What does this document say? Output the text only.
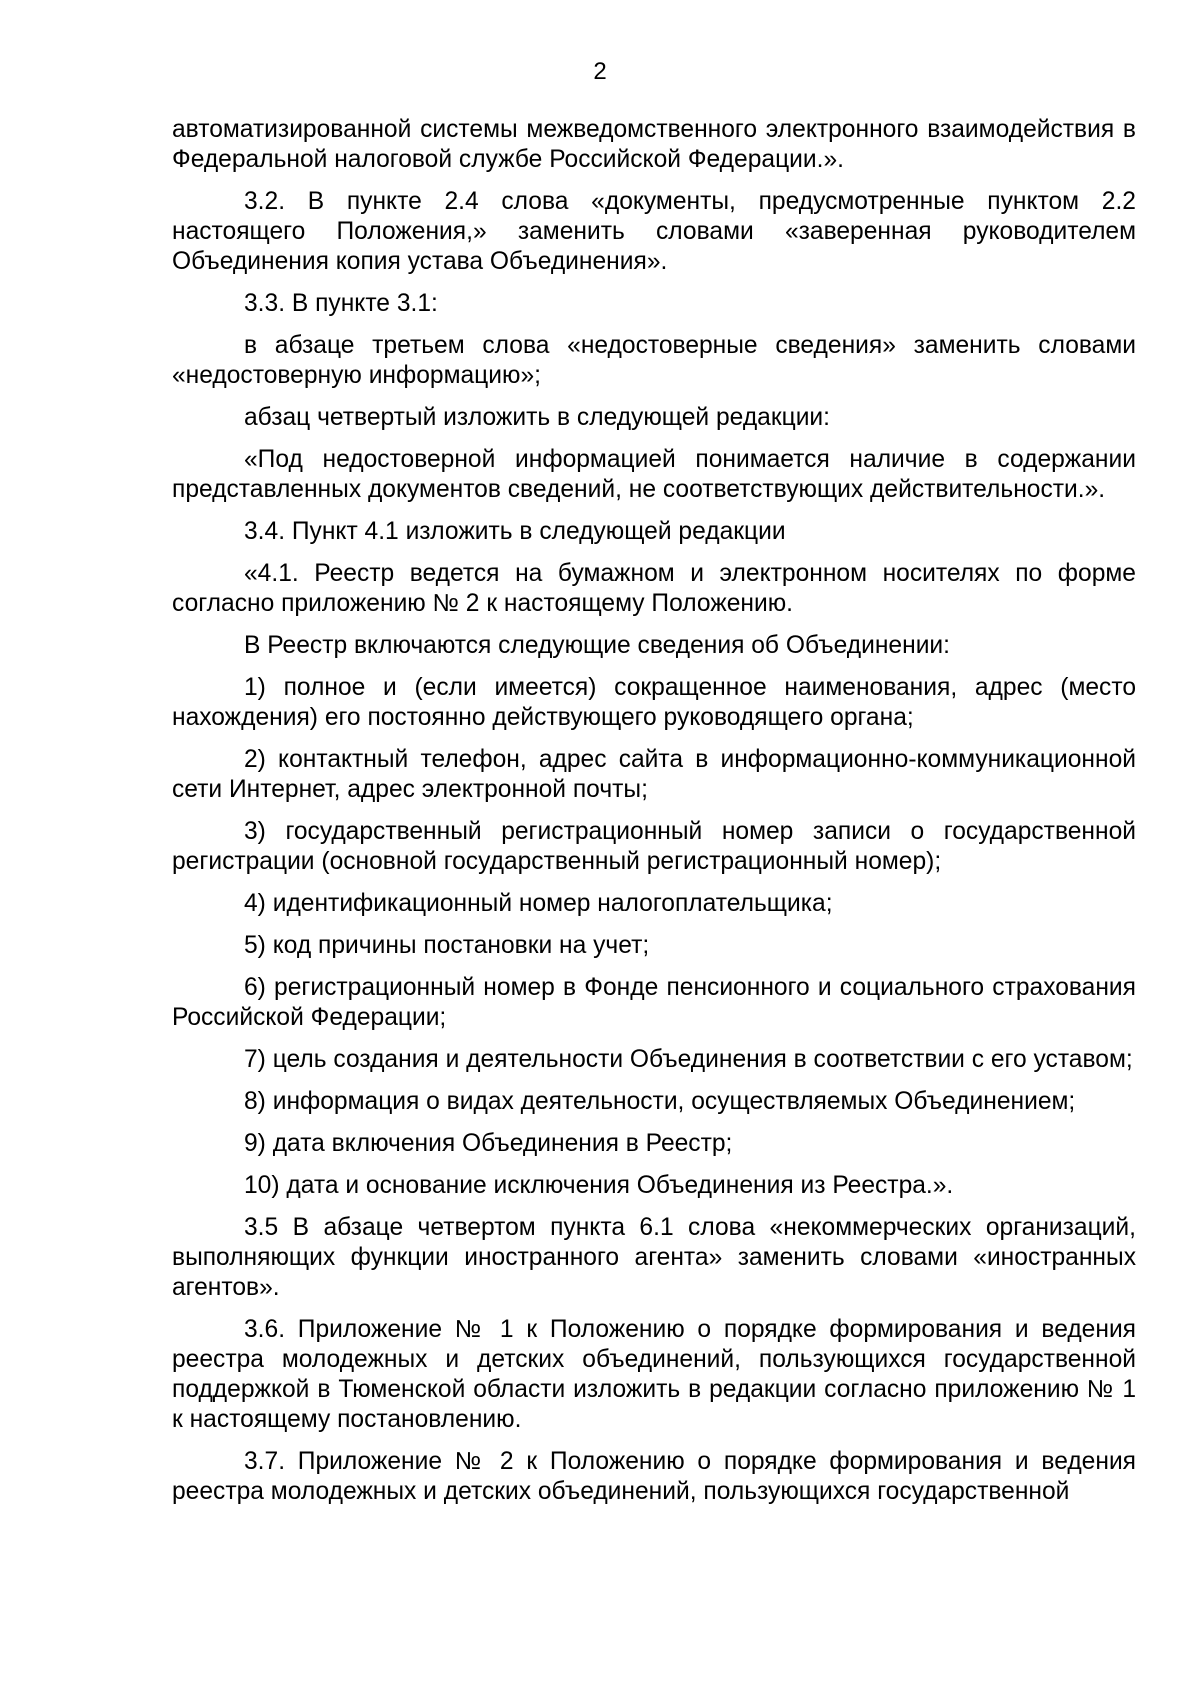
2

автоматизированной системы межведомственного электронного взаимодействия в Федеральной налоговой службе Российской Федерации.».

3.2. В пункте 2.4 слова «документы, предусмотренные пунктом 2.2 настоящего Положения,» заменить словами «заверенная руководителем Объединения копия устава Объединения».

3.3. В пункте 3.1:

в абзаце третьем слова «недостоверные сведения» заменить словами «недостоверную информацию»;

абзац четвертый изложить в следующей редакции:

«Под недостоверной информацией понимается наличие в содержании представленных документов сведений, не соответствующих действительности.».

3.4. Пункт 4.1 изложить в следующей редакции

«4.1. Реестр ведется на бумажном и электронном носителях по форме согласно приложению № 2 к настоящему Положению.

В Реестр включаются следующие сведения об Объединении:

1) полное и (если имеется) сокращенное наименования, адрес (место нахождения) его постоянно действующего руководящего органа;

2) контактный телефон, адрес сайта в информационно-коммуникационной сети Интернет, адрес электронной почты;

3) государственный регистрационный номер записи о государственной регистрации (основной государственный регистрационный номер);

4) идентификационный номер налогоплательщика;

5) код причины постановки на учет;

6) регистрационный номер в Фонде пенсионного и социального страхования Российской Федерации;

7) цель создания и деятельности Объединения в соответствии с его уставом;

8) информация о видах деятельности, осуществляемых Объединением;

9) дата включения Объединения в Реестр;

10) дата и основание исключения Объединения из Реестра.».

3.5 В абзаце четвертом пункта 6.1 слова «некоммерческих организаций, выполняющих функции иностранного агента» заменить словами «иностранных агентов».

3.6. Приложение № 1 к Положению о порядке формирования и ведения реестра молодежных и детских объединений, пользующихся государственной поддержкой в Тюменской области изложить в редакции согласно приложению № 1 к настоящему постановлению.

3.7. Приложение № 2 к Положению о порядке формирования и ведения реестра молодежных и детских объединений, пользующихся государственной
